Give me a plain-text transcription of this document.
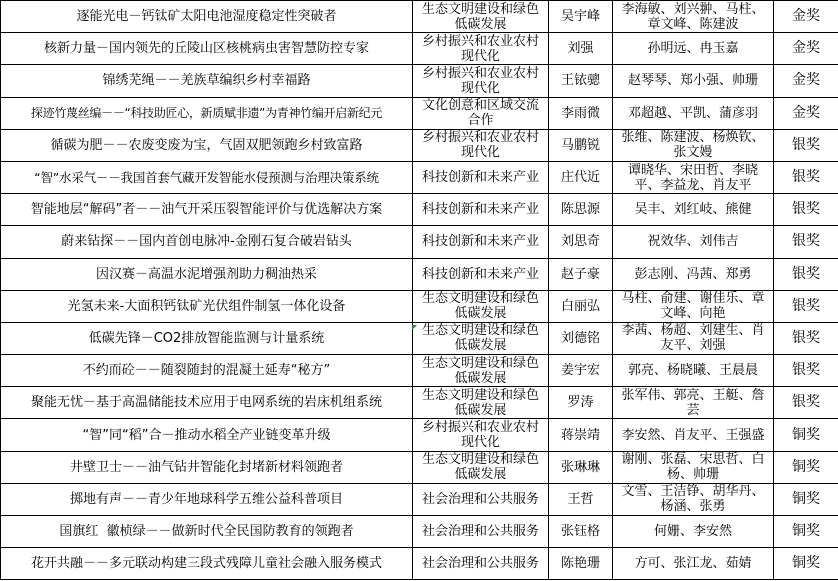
逐能光电－钙钛矿太阳电池湿度稳定性突破者	生态文明建设和绿色低碳发展	吴宇峰	李海敏、刘兴翀、马柱、章文峰、陈建波	金奖
核新力量－国内领先的丘陵山区核桃病虫害智慧防控专家	乡村振兴和农业农村现代化	刘强	孙明远、冉玉嘉	金奖
锦绣芜绳－－羌族草编织乡村幸福路	乡村振兴和农业农村现代化	王铱骢	赵琴琴、郑小强、帅珊	金奖
探迹竹蔑丝编－－“科技助匠心，新质赋非遗”为青神竹编开启新纪元	文化创意和区域交流合作	李雨微	邓超越、平凯、蒲彦羽	金奖
循碳为肥－－农废变废为宝，气固双肥领跑乡村致富路	乡村振兴和农业农村现代化	马鹏锐	张维、陈建波、杨焕钦、张文嫚	银奖
“智”水采气－－我国首套气藏开发智能水侵预测与治理决策系统	科技创新和未来产业	庄代近	谭晓华、宋田哲、李晓平、李益龙、肖友平	银奖
智能地层“解码”者－－油气开采压裂智能评价与优选解决方案	科技创新和未来产业	陈思源	吴丰、刘红岐、熊健	银奖
蔚来钻探－－国内首创电脉冲-金刚石复合破岩钻头	科技创新和未来产业	刘思奇	祝效华、刘伟吉	银奖
因汉赛－高温水泥增强剂助力稠油热采	科技创新和未来产业	赵子豪	彭志刚、冯茜、郑勇	银奖
光氢未来-大面积钙钛矿光伏组件制氢一体化设备	生态文明建设和绿色低碳发展	白丽弘	马柱、俞建、谢佳乐、章文峰、向艳	银奖
低碳先锋－CO2排放智能监测与计量系统	生态文明建设和绿色低碳发展	刘德铭	李茜、杨超、刘建生、肖友平、刘强	银奖
不约而砼－－随裂随封的混凝土延寿“秘方”	生态文明建设和绿色低碳发展	姜宇宏	郭亮、杨晓曦、王晨晨	银奖
聚能无忧－基于高温储能技术应用于电网系统的岩床机组系统	生态文明建设和绿色低碳发展	罗涛	张军伟、郭亮、王艇、詹芸	银奖
“智”同“稻”合－推动水稻全产业链变革升级	乡村振兴和农业农村现代化	蒋崇靖	李安然、肖友平、王强盛	铜奖
井壁卫士－－油气钻井智能化封堵新材料领跑者	生态文明建设和绿色低碳发展	张琳琳	谢刚、张磊、宋思哲、白杨、帅珊	铜奖
掷地有声－－青少年地球科学五维公益科普项目	社会治理和公共服务	王哲	文雪、王洁铮、胡华丹、杨涵、张勇	铜奖
国旗红  徽桢绿－－做新时代全民国防教育的领跑者	社会治理和公共服务	张钰格	何姗、李安然	铜奖
花开共融－－多元联动构建三段式残障儿童社会融入服务模式	社会治理和公共服务	陈艳珊	方可、张江龙、茹婧	铜奖
